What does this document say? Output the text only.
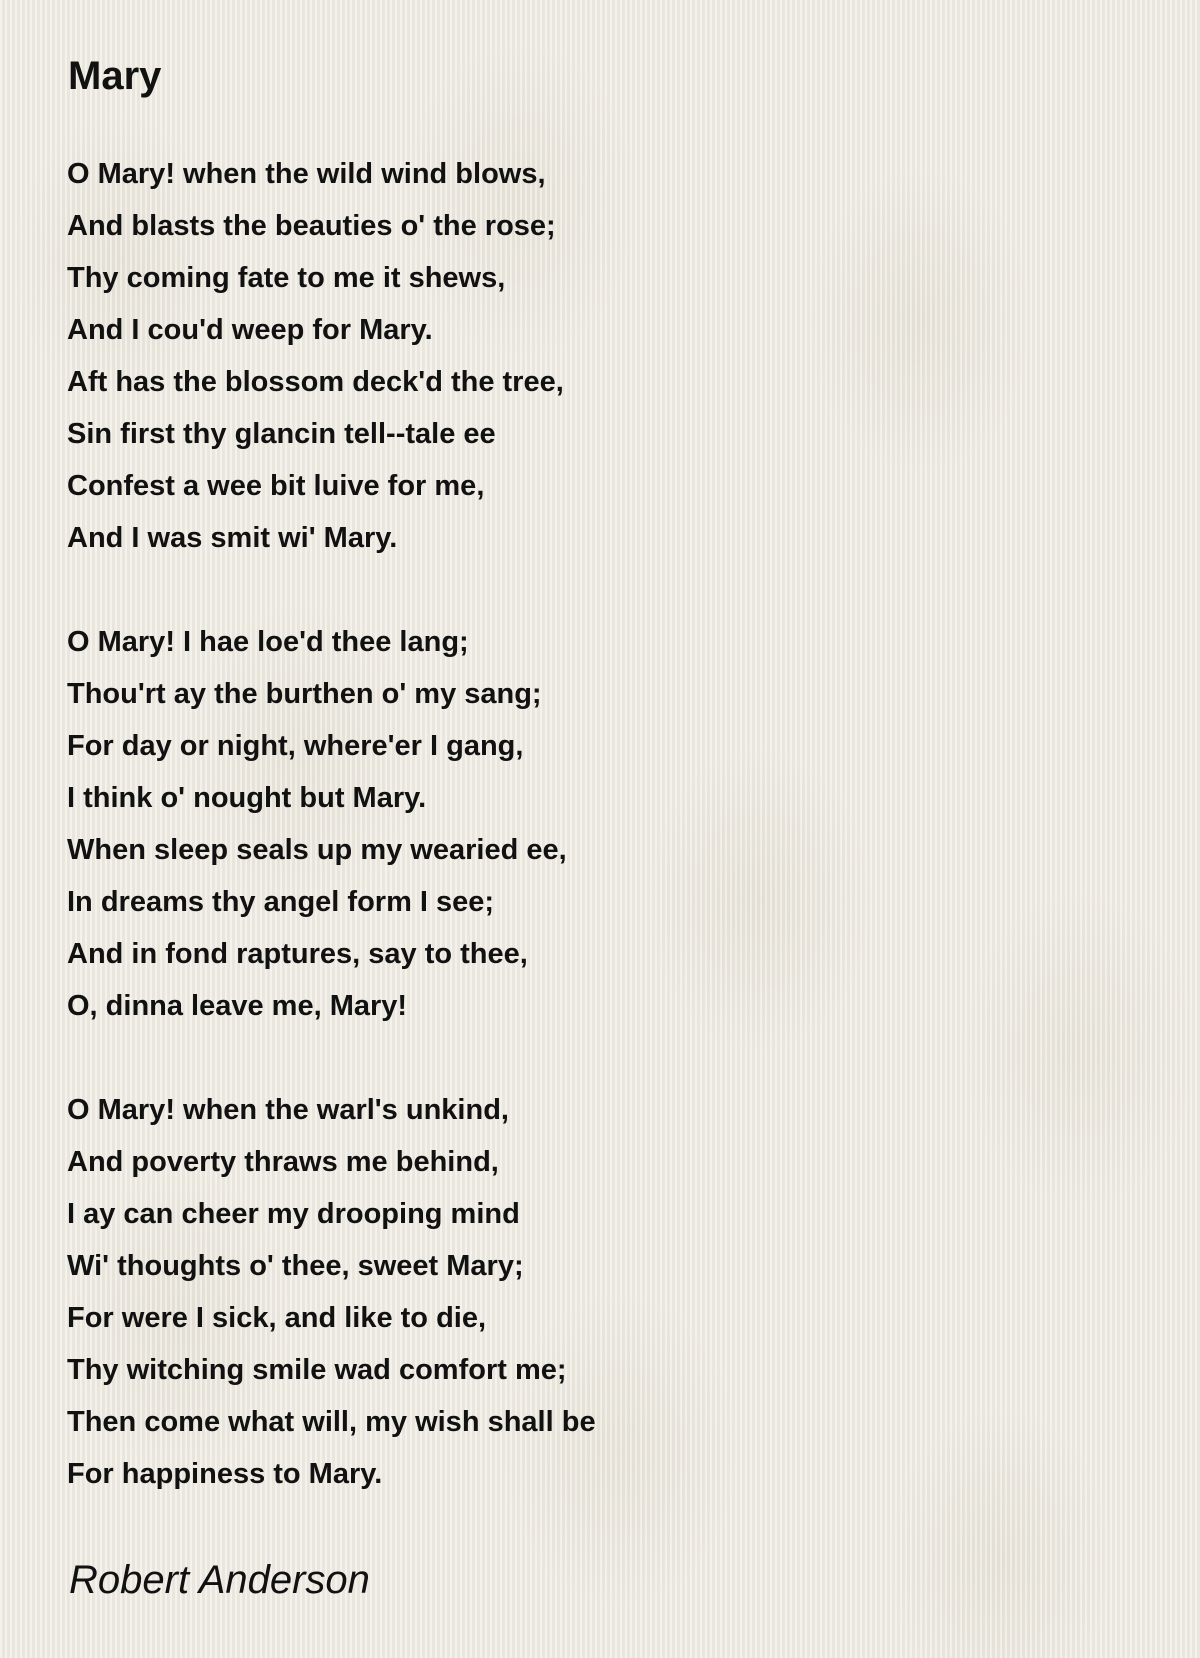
Mary
O Mary! when the wild wind blows,
And blasts the beauties o' the rose;
Thy coming fate to me it shews,
And I cou'd weep for Mary.
Aft has the blossom deck'd the tree,
Sin first thy glancin tell--tale ee
Confest a wee bit luive for me,
And I was smit wi' Mary.
O Mary! I hae loe'd thee lang;
Thou'rt ay the burthen o' my sang;
For day or night, where'er I gang,
I think o' nought but Mary.
When sleep seals up my wearied ee,
In dreams thy angel form I see;
And in fond raptures, say to thee,
O, dinna leave me, Mary!
O Mary! when the warl's unkind,
And poverty thraws me behind,
I ay can cheer my drooping mind
Wi' thoughts o' thee, sweet Mary;
For were I sick, and like to die,
Thy witching smile wad comfort me;
Then come what will, my wish shall be
For happiness to Mary.

Robert Anderson
